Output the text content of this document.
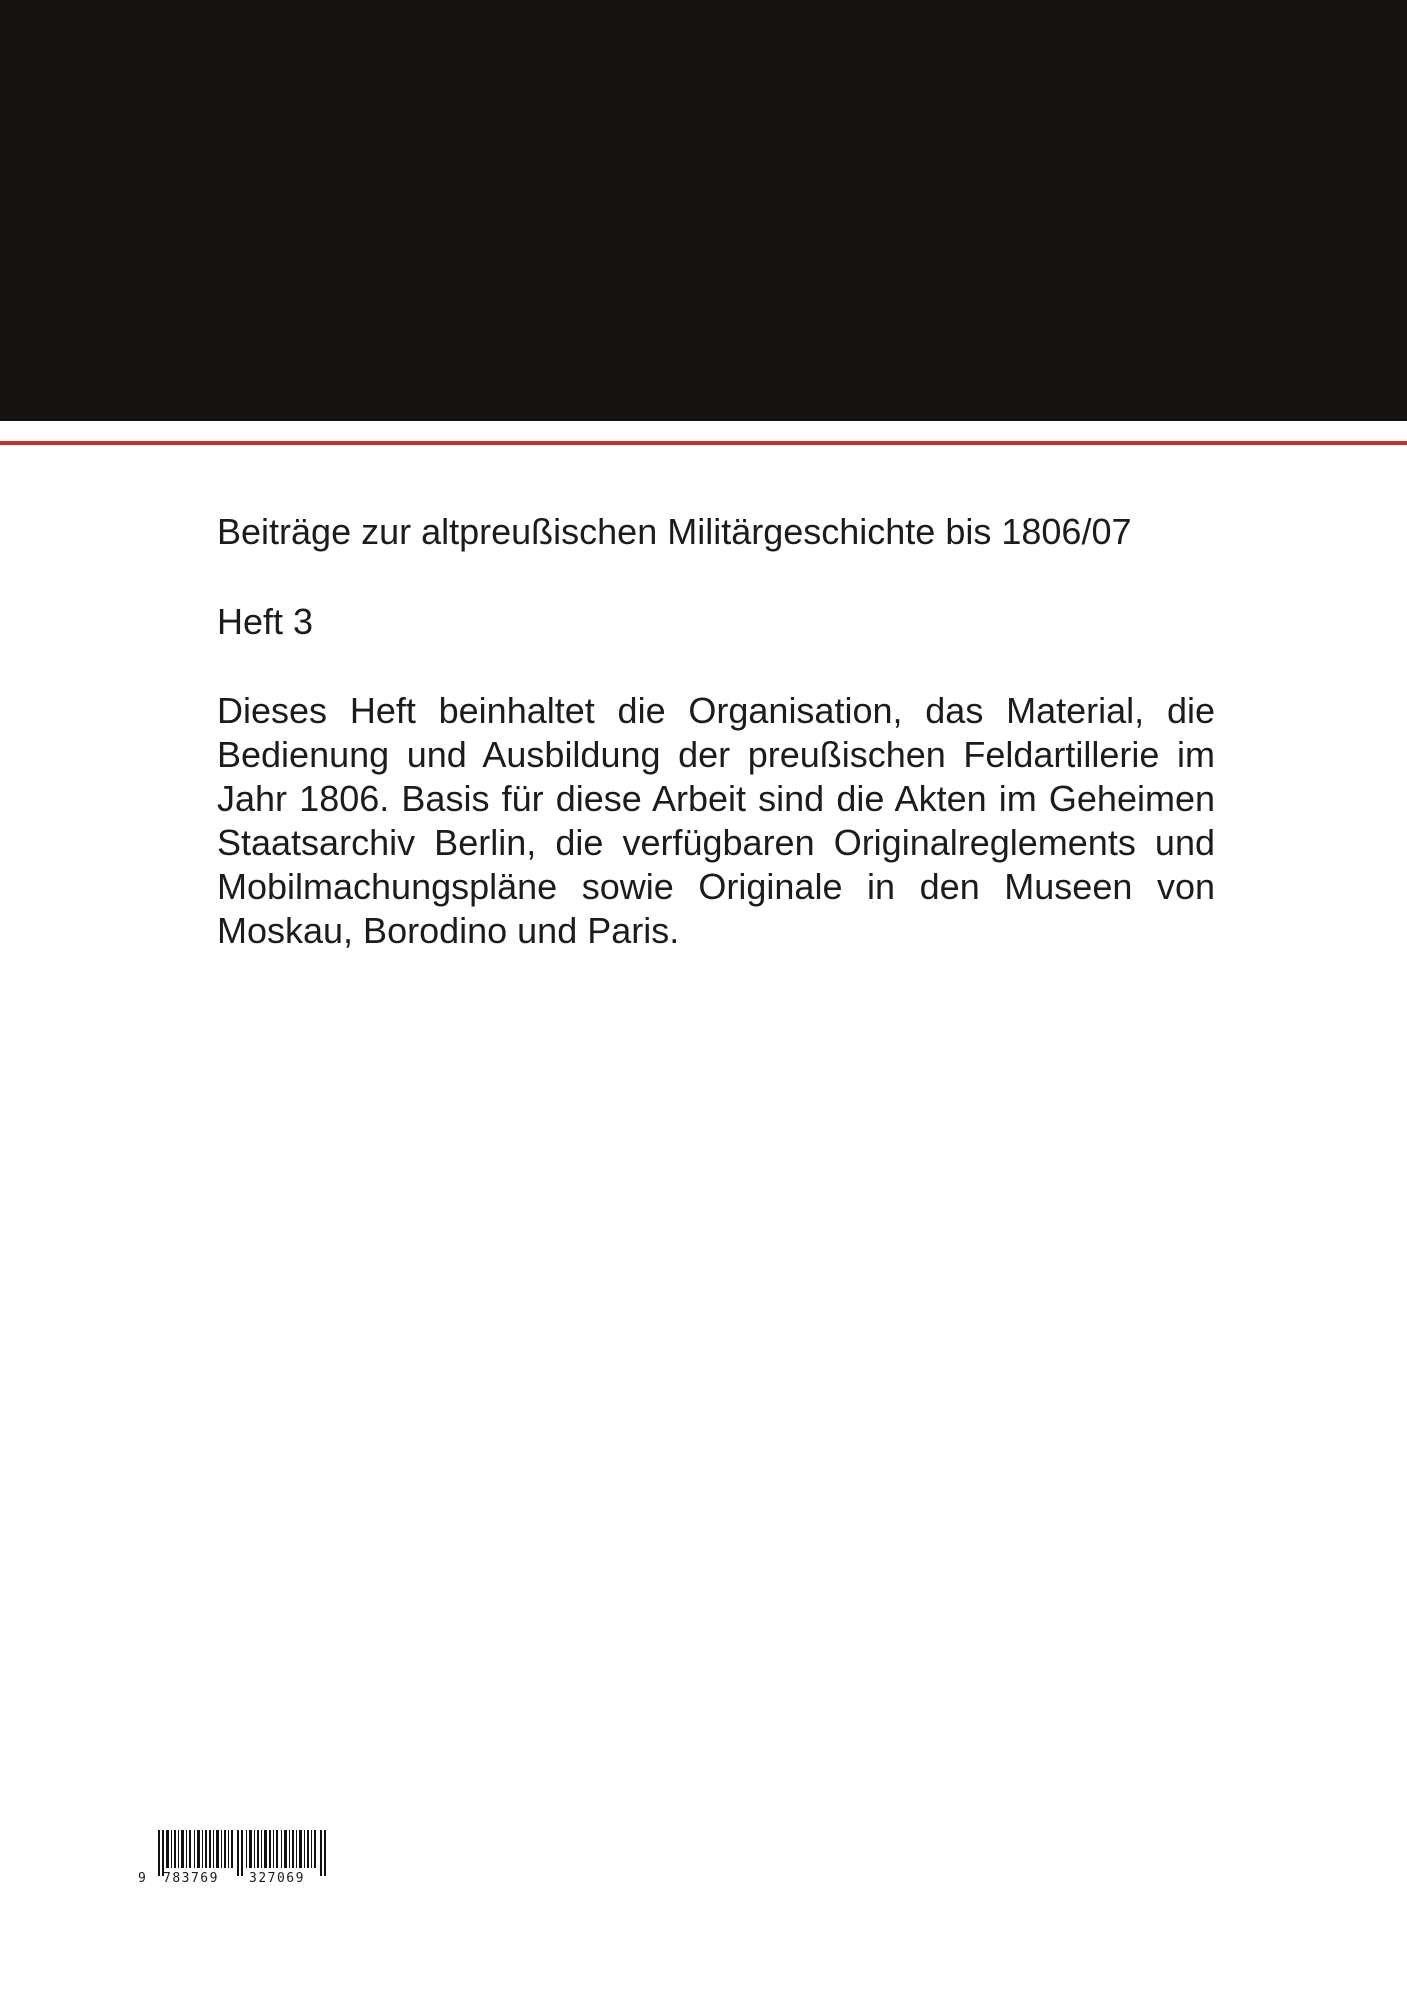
Beiträge zur altpreußischen Militärgeschichte bis 1806/07
Heft 3
Dieses Heft beinhaltet die Organisation, das Material, die Bedienung und Ausbildung der preußischen Feldartillerie im Jahr 1806. Basis für diese Arbeit sind die Akten im Geheimen Staatsarchiv Berlin, die verfügbaren Originalreglements und Mobilmachungspläne sowie Originale in den Museen von Moskau, Borodino und Paris.
9 783769 327069
